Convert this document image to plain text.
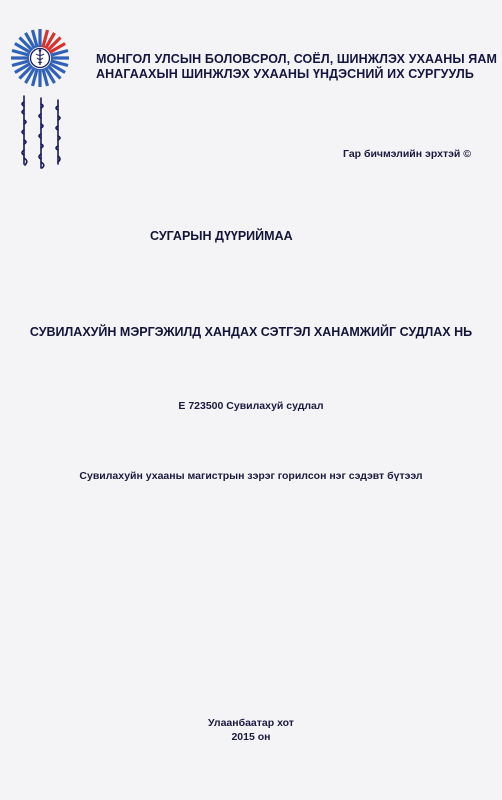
МОНГОЛ УЛСЫН БОЛОВСРОЛ, СОЁЛ, ШИНЖЛЭХ УХААНЫ ЯАМ
АНАГААХЫН ШИНЖЛЭХ УХААНЫ ҮНДЭСНИЙ ИХ СУРГУУЛЬ
Гар бичмэлийн эрхтэй ©
СУГАРЫН ДҮҮРИЙМАА
СУВИЛАХУЙН МЭРГЭЖИЛД ХАНДАХ СЭТГЭЛ ХАНАМЖИЙГ СУДЛАХ НЬ
Е 723500 Сувилахуй судлал
Сувилахуйн ухааны магистрын зэрэг горилсон нэг сэдэвт бүтээл
Улаанбаатар хот
2015 он
